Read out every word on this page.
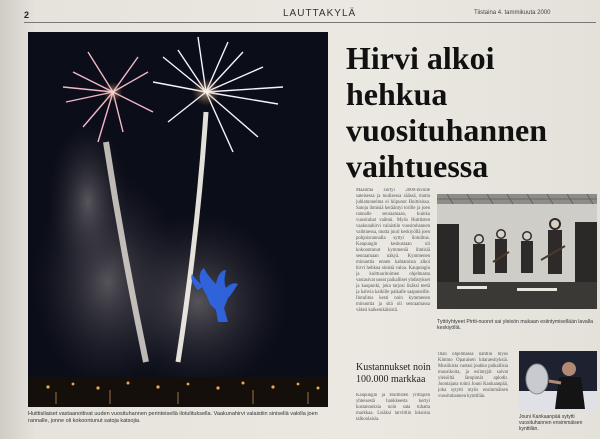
2	LAUTTAKYLÄ	Tiistaina 4. tammikuuta 2000
Huittisilaiset vastaanottivat uuden vuosituhannen perinteisellä ilotulituksella. Vaakunahirvi valaistiin sinisellä valolla joen rannalle, jonne oli kokoontunut satoja katsojia.
Hirvi alkoi
hehkua
vuosituhannen
vaihtuessa

Maailma siirtyi 2000-luvulle sateisessa ja tuulisessa säässä, mutta juhlatunnelma ei hiipunut Huittisissa. Satoja ihmisiä kerääntyi torille ja joen rannalle seuraamaan, kuinka vuosituhat vaihtui. Myös Huittisten vaakunahirvi valaistiin vuosituhannen vaihtuessa, mutta juuri keskiyöllä joen pohjoisrannalla syttyi ilotulitus. Kaupungin keskustaan oli kokoontunut kymmeniä ihmisiä seuraamaan näkyä. Kymmenen minuuttia ennen kahtatoista alkoi hirvi hehkua sinistä valoa. Kaupungin ja kulttuuritoimen ohjelmasta vastasivat useat paikalliset yhdistykset ja kaupunki, joka tarjosi lisäksi teetä ja kahvia kaikille paikalle saapuneille. Ilotulitus kesti noin kymmenen minuuttia ja sitä oli seuraamassa väkeä kaikenikäisistä.

Kustannukset noin 100.000 markkaa

Kaupungin ja Huittisten yrittäjien yhteisestä hankkeesta kertyi kustannuksia noin sata tuhatta markkaa. Lisäksi tarvittiin lukuisia talkoolaisia.

Tyttöyhtyeet Pirtti-nuoret sai yleisön mukaan esiintymisellään lavalla keskiyöllä.

Illan ohjelmassa nähtiin myös Kimmo Oparaisen kitaraesityksiä. Musiikista vastasi joukko paikallisia muusikoita, ja esiintyjät saivat yleisöltä lämpimät aplodit. Juontajana toimi Jouni Kankaanpää, joka sytytti myös ensimmäisen vuosituhannen kynttilän.

Jouni Kankaanpää sytytti vuosituhannen ensimmäisen kynttilän.
